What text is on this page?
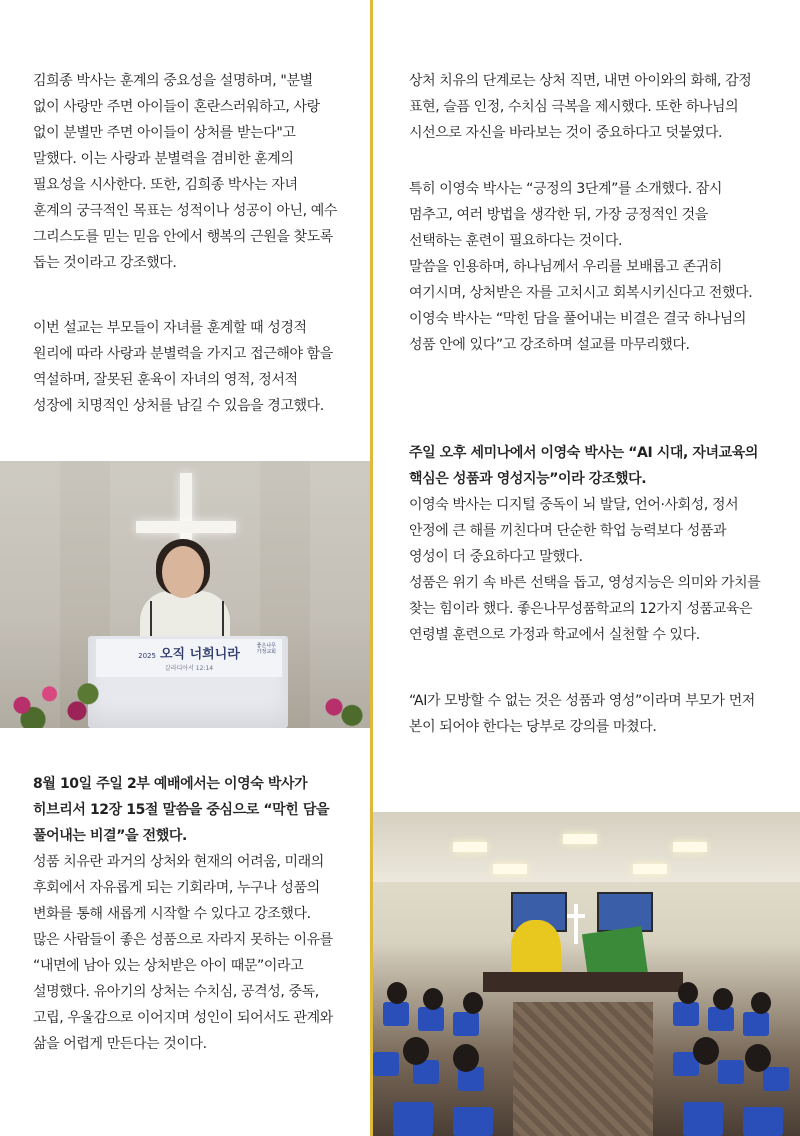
김희종 박사는 훈계의 중요성을 설명하며, "분별

없이 사랑만 주면 아이들이 혼란스러워하고, 사랑

없이 분별만 주면 아이들이 상처를 받는다"고

말했다. 이는 사랑과 분별력을 겸비한 훈계의

필요성을 시사한다. 또한, 김희종 박사는 자녀

훈계의 궁극적인 목표는 성적이나 성공이 아닌, 예수

그리스도를 믿는 믿음 안에서 행복의 근원을 찾도록

돕는 것이라고 강조했다.

이번 설교는 부모들이 자녀를 훈계할 때 성경적

원리에 따라 사랑과 분별력을 가지고 접근해야 함을

역설하며, 잘못된 훈육이 자녀의 영적, 정서적

성장에 치명적인 상처를 남길 수 있음을 경고했다.

2025 오직 너희니라
갈라디아서 12:14
좋은나무
가정교회

8월 10일 주일 2부 예배에서는 이영숙 박사가

히브리서 12장 15절 말씀을 중심으로 “막힌 담을

풀어내는 비결”을 전했다.

성품 치유란 과거의 상처와 현재의 어려움, 미래의

후회에서 자유롭게 되는 기회라며, 누구나 성품의

변화를 통해 새롭게 시작할 수 있다고 강조했다.

많은 사람들이 좋은 성품으로 자라지 못하는 이유를

“내면에 남아 있는 상처받은 아이 때문”이라고

설명했다. 유아기의 상처는 수치심, 공격성, 중독,

고립, 우울감으로 이어지며 성인이 되어서도 관계와

삶을 어렵게 만든다는 것이다.

상처 치유의 단계로는 상처 직면, 내면 아이와의 화해, 감정

표현, 슬픔 인정, 수치심 극복을 제시했다. 또한 하나님의

시선으로 자신을 바라보는 것이 중요하다고 덧붙였다.

특히 이영숙 박사는 “긍정의 3단계”를 소개했다. 잠시

멈추고, 여러 방법을 생각한 뒤, 가장 긍정적인 것을

선택하는 훈련이 필요하다는 것이다.

말씀을 인용하며, 하나님께서 우리를 보배롭고 존귀히

여기시며, 상처받은 자를 고치시고 회복시키신다고 전했다.

이영숙 박사는 “막힌 담을 풀어내는 비결은 결국 하나님의

성품 안에 있다”고 강조하며 설교를 마무리했다.

주일 오후 세미나에서 이영숙 박사는 “AI 시대, 자녀교육의

핵심은 성품과 영성지능”이라 강조했다.

이영숙 박사는 디지털 중독이 뇌 발달, 언어·사회성, 정서

안정에 큰 해를 끼친다며 단순한 학업 능력보다 성품과

영성이 더 중요하다고 말했다.

성품은 위기 속 바른 선택을 돕고, 영성지능은 의미와 가치를

찾는 힘이라 했다. 좋은나무성품학교의 12가지 성품교육은

연령별 훈련으로 가정과 학교에서 실천할 수 있다.

“AI가 모방할 수 없는 것은 성품과 영성”이라며 부모가 먼저

본이 되어야 한다는 당부로 강의를 마쳤다.
